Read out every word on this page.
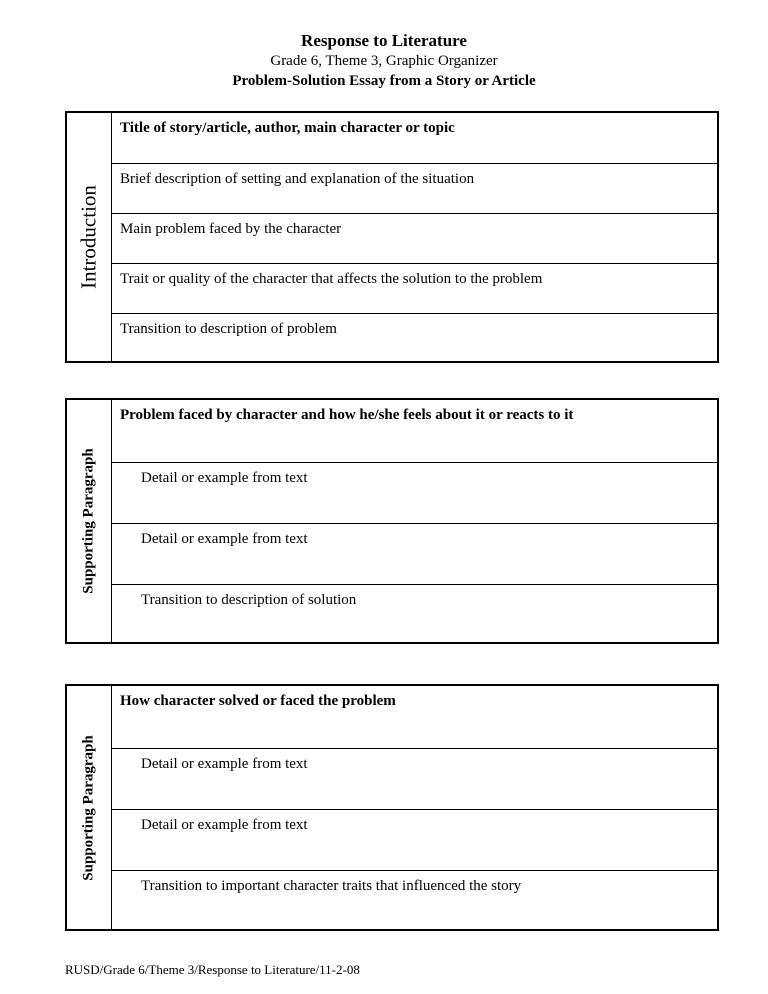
Response to Literature
Grade 6, Theme 3, Graphic Organizer
Problem-Solution Essay from a Story or Article
Introduction
Title of story/article, author, main character or topic
Brief description of setting and explanation of the situation
Main problem faced by the character
Trait or quality of the character that affects the solution to the problem
Transition to description of problem
Supporting Paragraph
Problem faced by character and how he/she feels about it or reacts to it
Detail or example from text
Detail or example from text
Transition to description of solution
Supporting Paragraph
How character solved or faced the problem
Detail or example from text
Detail or example from text
Transition to important character traits that influenced the story
RUSD/Grade 6/Theme 3/Response to Literature/11-2-08
